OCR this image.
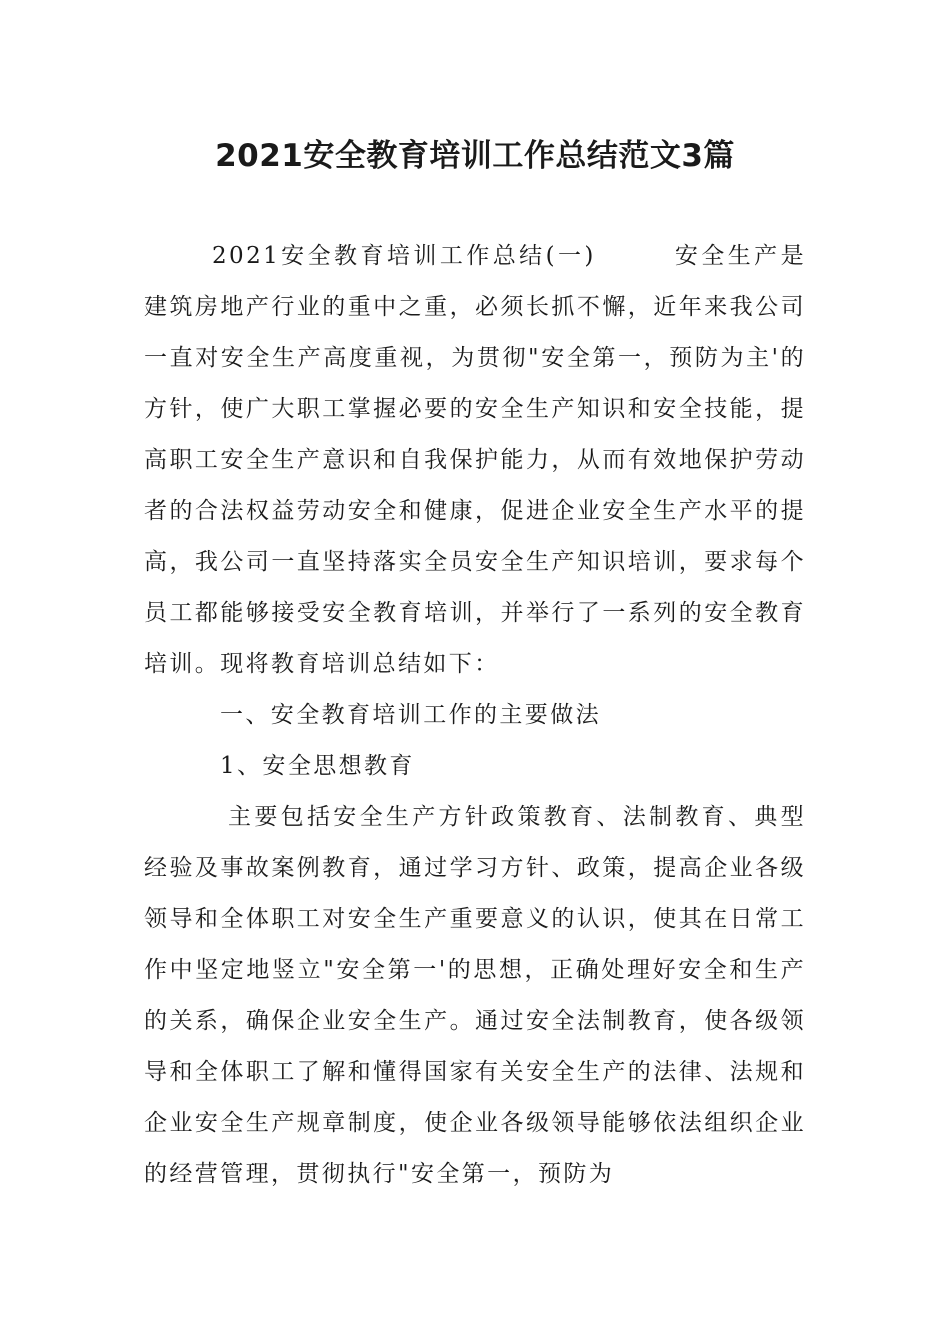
2021安全教育培训工作总结范文3篇

2021安全教育培训工作总结(一)	安全生产是建筑房地产行业的重中之重，必须长抓不懈，近年来我公司一直对安全生产高度重视，为贯彻"安全第一，预防为主'的方针，使广大职工掌握必要的安全生产知识和安全技能，提高职工安全生产意识和自我保护能力，从而有效地保护劳动者的合法权益劳动安全和健康，促进企业安全生产水平的提高，我公司一直坚持落实全员安全生产知识培训，要求每个员工都能够接受安全教育培训，并举行了一系列的安全教育培训。现将教育培训总结如下：

一、安全教育培训工作的主要做法

1、安全思想教育

主要包括安全生产方针政策教育、法制教育、典型经验及事故案例教育，通过学习方针、政策，提高企业各级领导和全体职工对安全生产重要意义的认识，使其在日常工作中坚定地竖立"安全第一'的思想，正确处理好安全和生产的关系，确保企业安全生产。通过安全法制教育，使各级领导和全体职工了解和懂得国家有关安全生产的法律、法规和企业安全生产规章制度，使企业各级领导能够依法组织企业的经营管理，贯彻执行"安全第一，预防为
